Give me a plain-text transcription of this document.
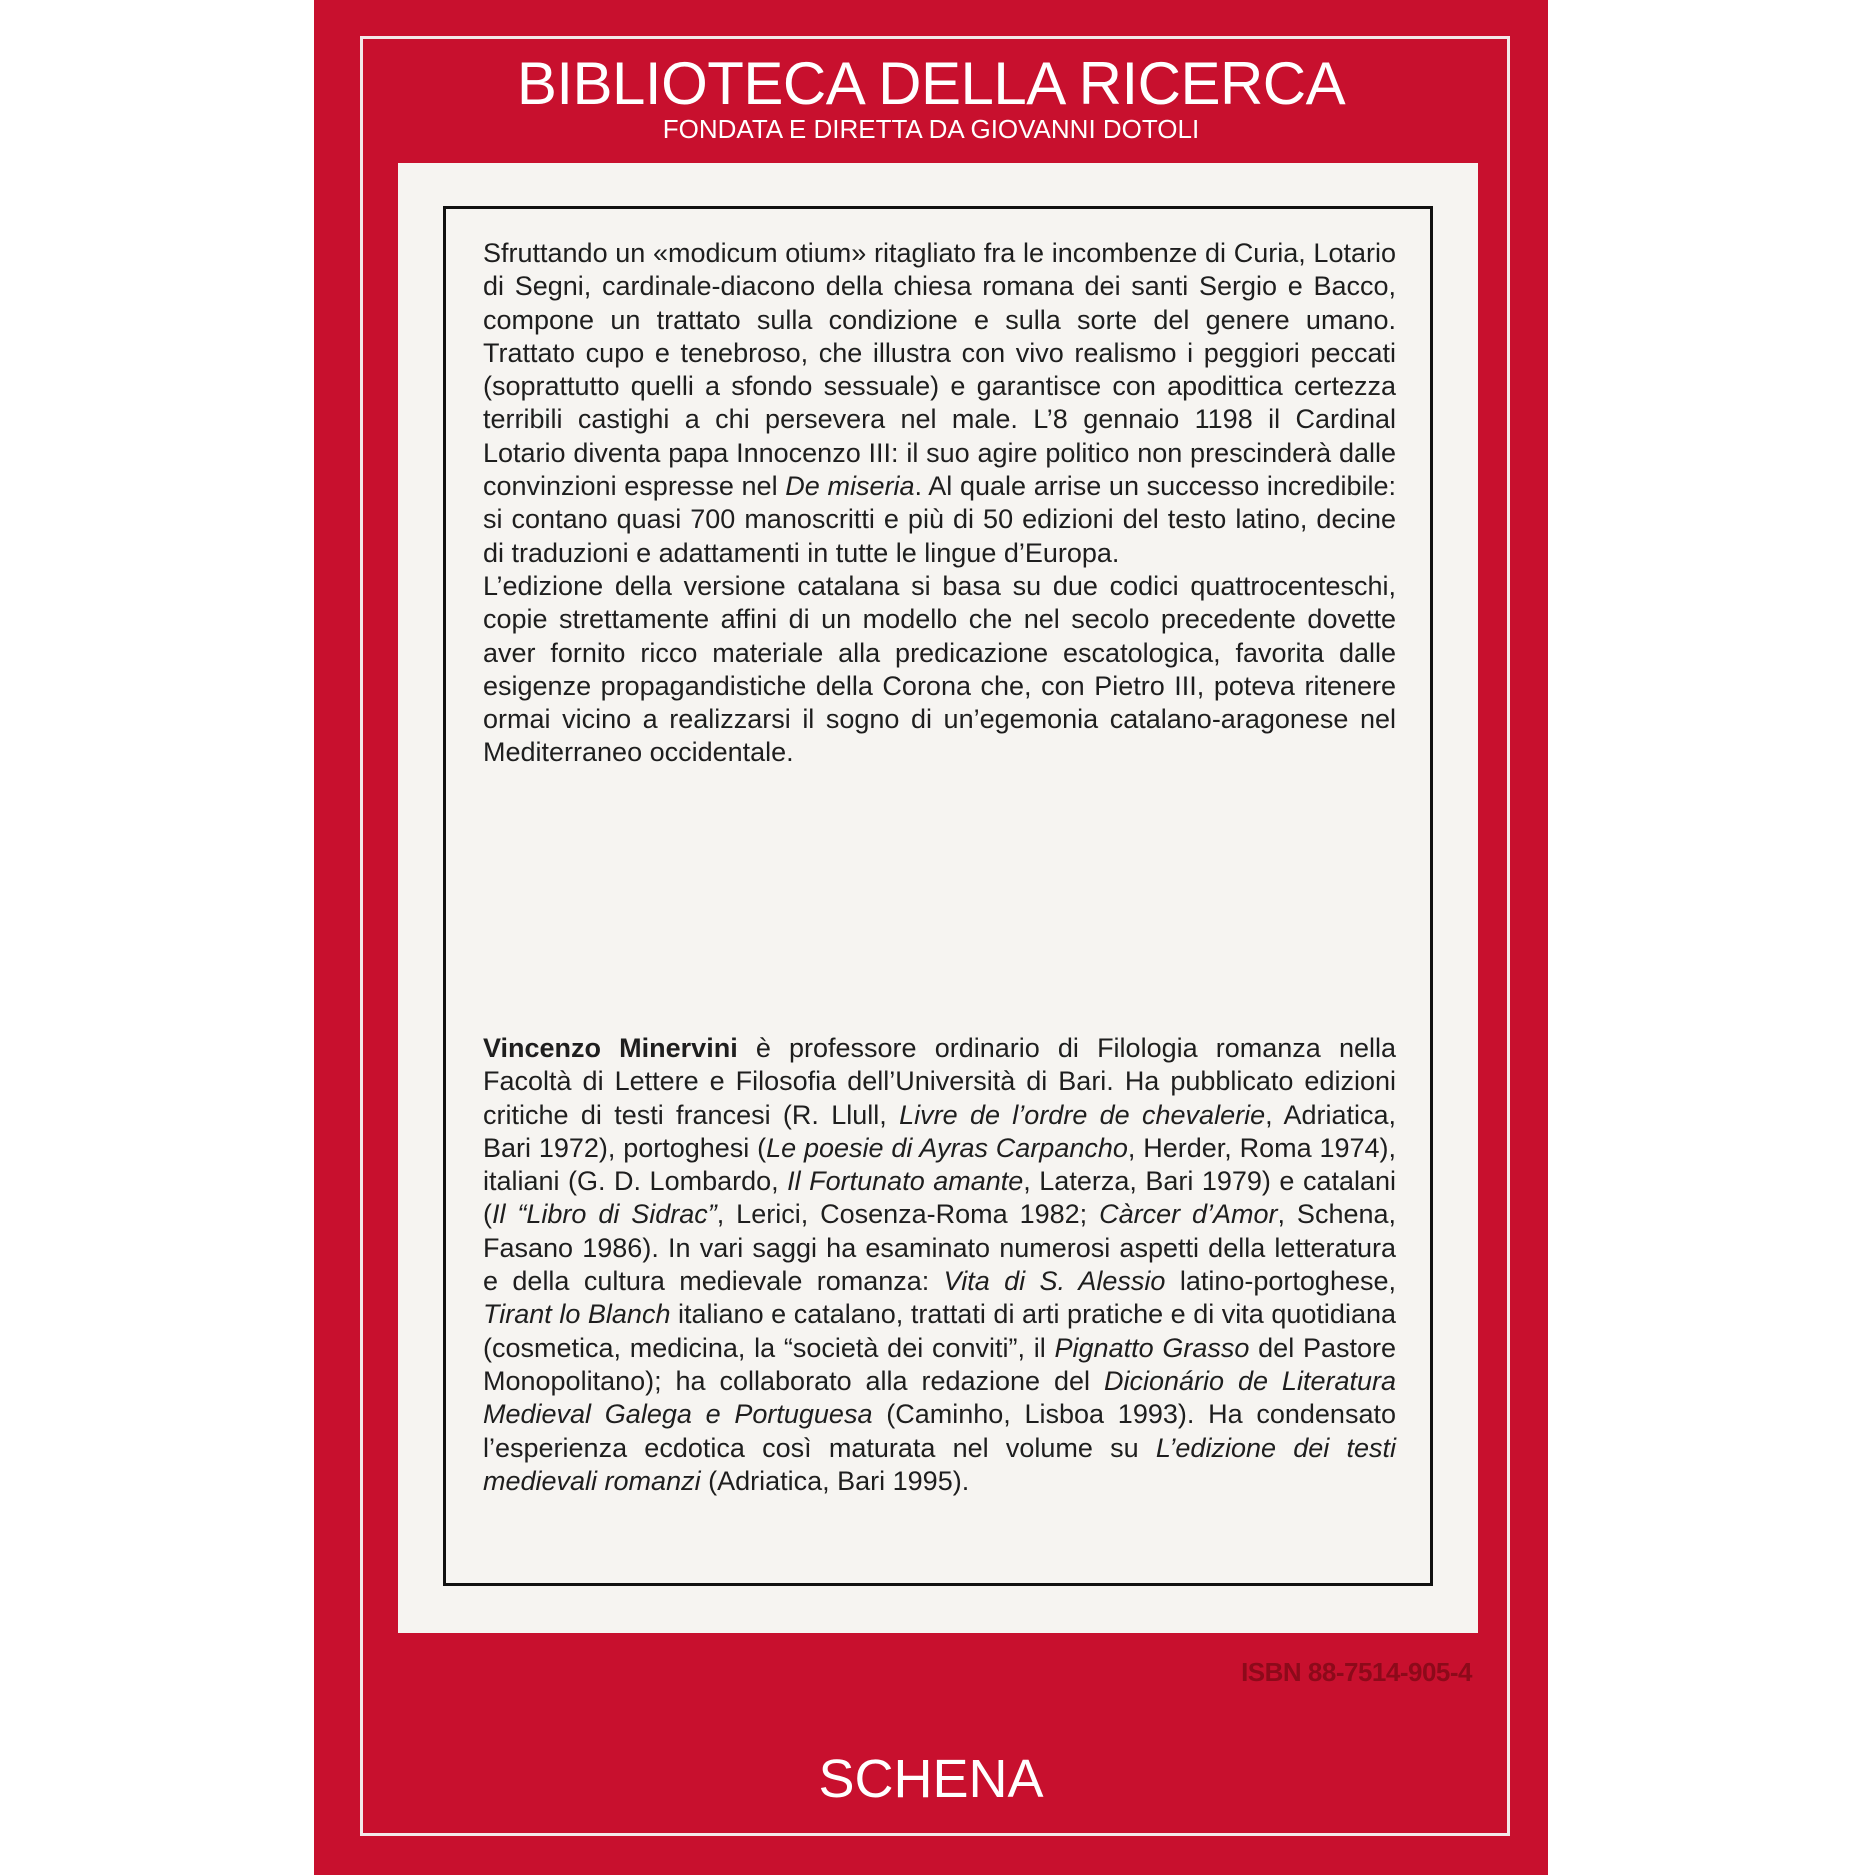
BIBLIOTECA DELLA RICERCA
FONDATA E DIRETTA DA GIOVANNI DOTOLI

Sfruttando un «modicum otium» ritagliato fra le incombenze di Curia, Lotario di Segni, cardinale-diacono della chiesa romana dei santi Sergio e Bacco, compone un trattato sulla condizione e sulla sorte del genere umano. Trattato cupo e tenebroso, che illustra con vivo realismo i peggiori peccati (soprattutto quelli a sfondo sessuale) e garantisce con apodittica certezza terribili castighi a chi persevera nel male. L’8 gennaio 1198 il Cardinal Lotario diventa papa Innocenzo III: il suo agire politico non prescinderà dalle convinzioni espresse nel De miseria. Al quale arrise un successo incredibile: si contano quasi 700 manoscritti e più di 50 edizioni del testo latino, decine di traduzioni e adattamenti in tutte le lingue d’Europa.

L’edizione della versione catalana si basa su due codici quattrocenteschi, copie strettamente affini di un modello che nel secolo precedente dovette aver fornito ricco materiale alla predicazione escatologica, favorita dalle esigenze propagandistiche della Corona che, con Pietro III, poteva ritenere ormai vicino a realizzarsi il sogno di un’egemonia catalano-aragonese nel Mediterraneo occidentale.

Vincenzo Minervini è professore ordinario di Filologia romanza nella Facoltà di Lettere e Filosofia dell’Università di Bari. Ha pubblicato edizioni critiche di testi francesi (R. Llull, Livre de l’ordre de chevalerie, Adriatica, Bari 1972), portoghesi (Le poesie di Ayras Carpancho, Herder, Roma 1974), italiani (G. D. Lombardo, Il Fortunato amante, Laterza, Bari 1979) e catalani (Il “Libro di Sidrac”, Lerici, Cosenza-Roma 1982; Càrcer d’Amor, Schena, Fasano 1986). In vari saggi ha esaminato numerosi aspetti della letteratura e della cultura medievale romanza: Vita di S. Alessio latino-portoghese, Tirant lo Blanch italiano e catalano, trattati di arti pratiche e di vita quotidiana (cosmetica, medicina, la “società dei conviti”, il Pignatto Grasso del Pastore Monopolitano); ha collaborato alla redazione del Dicionário de Literatura Medieval Galega e Portuguesa (Caminho, Lisboa 1993). Ha condensato l’esperienza ecdotica così maturata nel volume su L’edizione dei testi medievali romanzi (Adriatica, Bari 1995).

ISBN 88-7514-905-4
SCHENA
